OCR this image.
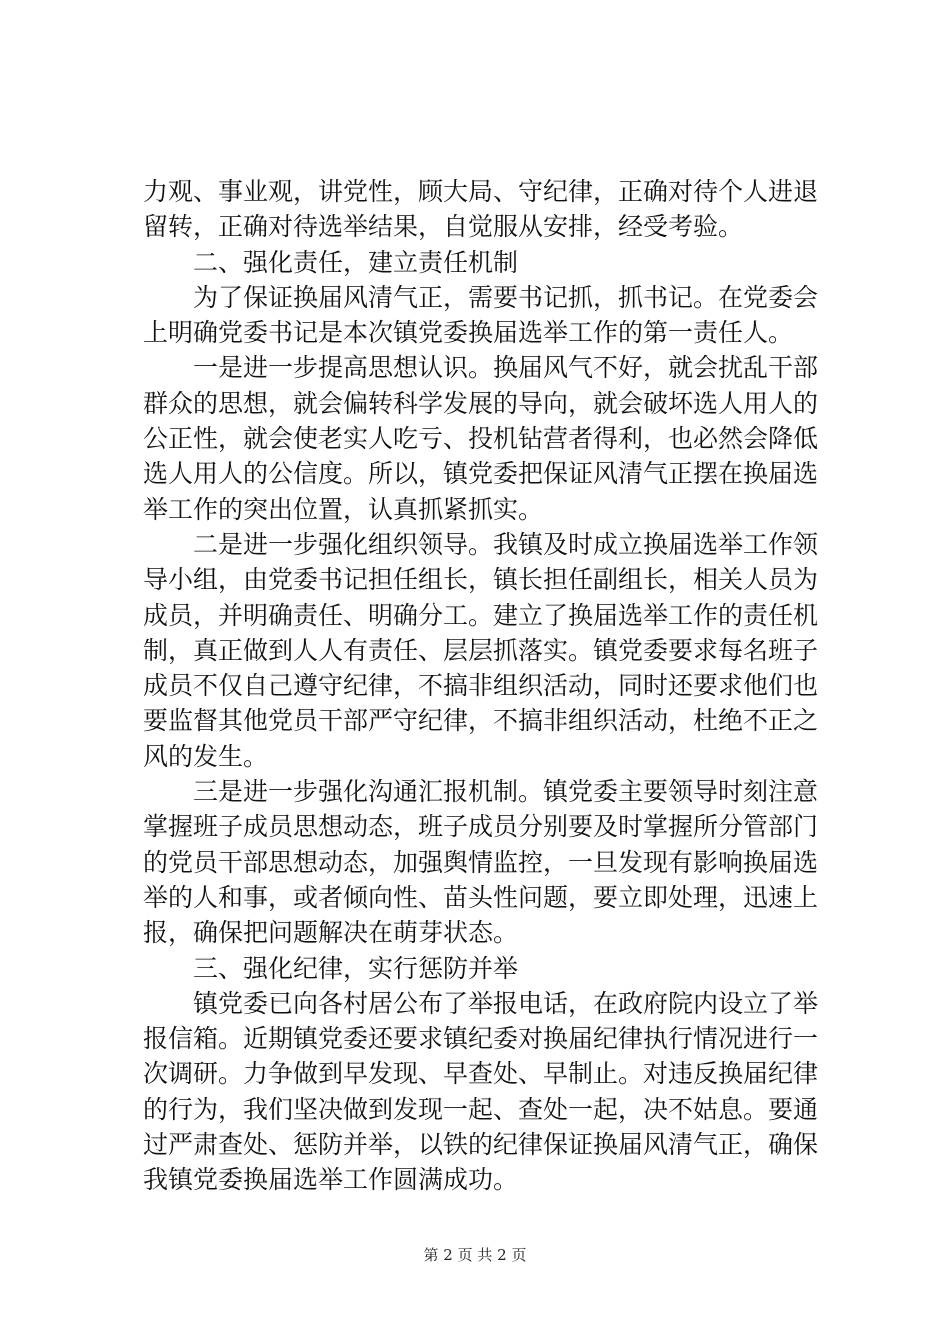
力观、事业观，讲党性，顾大局、守纪律，正确对待个人进退
留转，正确对待选举结果，自觉服从安排，经受考验。
二、强化责任，建立责任机制
为了保证换届风清气正，需要书记抓，抓书记。在党委会
上明确党委书记是本次镇党委换届选举工作的第一责任人。
一是进一步提高思想认识。换届风气不好，就会扰乱干部
群众的思想，就会偏转科学发展的导向，就会破坏选人用人的
公正性，就会使老实人吃亏、投机钻营者得利，也必然会降低
选人用人的公信度。所以，镇党委把保证风清气正摆在换届选
举工作的突出位置，认真抓紧抓实。
二是进一步强化组织领导。我镇及时成立换届选举工作领
导小组，由党委书记担任组长，镇长担任副组长，相关人员为
成员，并明确责任、明确分工。建立了换届选举工作的责任机
制，真正做到人人有责任、层层抓落实。镇党委要求每名班子
成员不仅自己遵守纪律，不搞非组织活动，同时还要求他们也
要监督其他党员干部严守纪律，不搞非组织活动，杜绝不正之
风的发生。
三是进一步强化沟通汇报机制。镇党委主要领导时刻注意
掌握班子成员思想动态，班子成员分别要及时掌握所分管部门
的党员干部思想动态，加强舆情监控，一旦发现有影响换届选
举的人和事，或者倾向性、苗头性问题，要立即处理，迅速上
报，确保把问题解决在萌芽状态。
三、强化纪律，实行惩防并举
镇党委已向各村居公布了举报电话，在政府院内设立了举
报信箱。近期镇党委还要求镇纪委对换届纪律执行情况进行一
次调研。力争做到早发现、早查处、早制止。对违反换届纪律
的行为，我们坚决做到发现一起、查处一起，决不姑息。要通
过严肃查处、惩防并举，以铁的纪律保证换届风清气正，确保
我镇党委换届选举工作圆满成功。
第 2 页 共 2 页
